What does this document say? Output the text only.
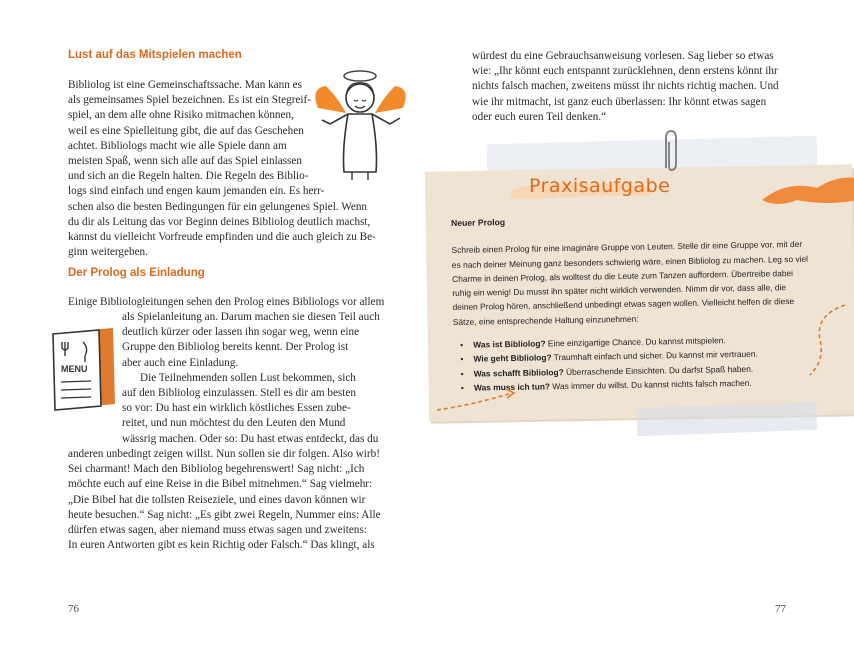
Lust auf das Mitspielen machen
Bibliolog ist eine Gemeinschaftssache. Man kann es
als gemeinsames Spiel bezeichnen. Es ist ein Stegreif-
spiel, an dem alle ohne Risiko mitmachen können,
weil es eine Spielleitung gibt, die auf das Geschehen
achtet. Bibliologs macht wie alle Spiele dann am
meisten Spaß, wenn sich alle auf das Spiel einlassen
und sich an die Regeln halten. Die Regeln des Biblio-
logs sind einfach und engen kaum jemanden ein. Es herr-
schen also die besten Bedingungen für ein gelungenes Spiel. Wenn
du dir als Leitung das vor Beginn deines Bibliolog deutlich machst,
kannst du vielleicht Vorfreude empfinden und die auch gleich zu Be-
ginn weitergeben.
Der Prolog als Einladung
Einige Bibliologleitungen sehen den Prolog eines Bibliologs vor allem
als Spielanleitung an. Darum machen sie diesen Teil auch
deutlich kürzer oder lassen ihn sogar weg, wenn eine
Gruppe den Bibliolog bereits kennt. Der Prolog ist
aber auch eine Einladung.
Die Teilnehmenden sollen Lust bekommen, sich
auf den Bibliolog einzulassen. Stell es dir am besten
so vor: Du hast ein wirklich köstliches Essen zube-
reitet, und nun möchtest du den Leuten den Mund
wässrig machen. Oder so: Du hast etwas entdeckt, das du
anderen unbedingt zeigen willst. Nun sollen sie dir folgen. Also wirb!
Sei charmant! Mach den Bibliolog begehrenswert! Sag nicht: „Ich
möchte euch auf eine Reise in die Bibel mitnehmen.“ Sag vielmehr:
„Die Bibel hat die tollsten Reiseziele, und eines davon können wir
heute besuchen.“ Sag nicht: „Es gibt zwei Regeln, Nummer eins: Alle
dürfen etwas sagen, aber niemand muss etwas sagen und zweitens:
In euren Antworten gibt es kein Richtig oder Falsch.“ Das klingt, als
MENU
76
würdest du eine Gebrauchsanweisung vorlesen. Sag lieber so etwas
wie: „Ihr könnt euch entspannt zurücklehnen, denn erstens könnt ihr
nichts falsch machen, zweitens müsst ihr nichts richtig machen. Und
wie ihr mitmacht, ist ganz euch überlassen: Ihr könnt etwas sagen
oder euch euren Teil denken.“
Praxisaufgabe
Neuer Prolog
Schreib einen Prolog für eine imaginäre Gruppe von Leuten. Stelle dir eine Gruppe vor, mit der
es nach deiner Meinung ganz besonders schwierig wäre, einen Bibliolog zu machen. Leg so viel
Charme in deinen Prolog, als wolltest du die Leute zum Tanzen auffordern. Übertreibe dabei
ruhig ein wenig! Du musst ihn später nicht wirklich verwenden. Nimm dir vor, dass alle, die
deinen Prolog hören, anschließend unbedingt etwas sagen wollen. Vielleicht helfen dir diese
Sätze, eine entsprechende Haltung einzunehmen:
• Was ist Bibliolog? Eine einzigartige Chance. Du kannst mitspielen.
• Wie geht Bibliolog? Traumhaft einfach und sicher. Du kannst mir vertrauen.
• Was schafft Bibliolog? Überraschende Einsichten. Du darfst Spaß haben.
• Was muss ich tun? Was immer du willst. Du kannst nichts falsch machen.
77
